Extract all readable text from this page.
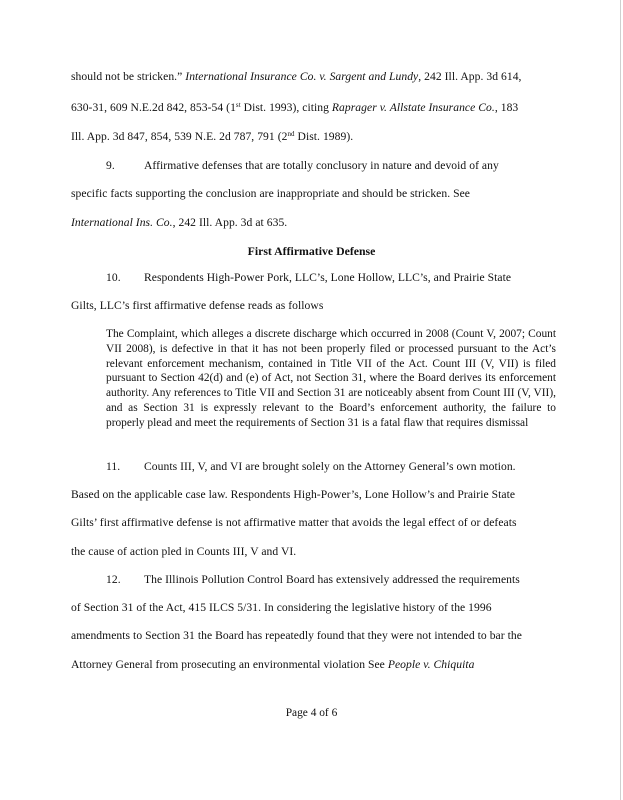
should not be stricken.” International Insurance Co. v. Sargent and Lundy, 242 Ill. App. 3d 614,
630-31, 609 N.E.2d 842, 853-54 (1st Dist. 1993), citing Raprager v. Allstate Insurance Co., 183
Ill. App. 3d 847, 854, 539 N.E. 2d 787, 791 (2nd Dist. 1989).
9.	Affirmative defenses that are totally conclusory in nature and devoid of any
specific facts supporting the conclusion are inappropriate and should be stricken. See
International Ins. Co., 242 Ill. App. 3d at 635.
First Affirmative Defense
10. Respondents High-Power Pork, LLC’s, Lone Hollow, LLC’s, and Prairie State
Gilts, LLC’s first affirmative defense reads as follows
The Complaint, which alleges a discrete discharge which occurred in 2008 (Count V, 2007; Count VII 2008), is defective in that it has not been properly filed or processed pursuant to the Act’s relevant enforcement mechanism, contained in Title VII of the Act. Count III (V, VII) is filed pursuant to Section 42(d) and (e) of Act, not Section 31, where the Board derives its enforcement authority. Any references to Title VII and Section 31 are noticeably absent from Count III (V, VII), and as Section 31 is expressly relevant to the Board’s enforcement authority, the failure to properly plead and meet the requirements of Section 31 is a fatal flaw that requires dismissal
11. Counts III, V, and VI are brought solely on the Attorney General’s own motion.
Based on the applicable case law. Respondents High-Power’s, Lone Hollow’s and Prairie State
Gilts’ first affirmative defense is not affirmative matter that avoids the legal effect of or defeats
the cause of action pled in Counts III, V and VI.
12. The Illinois Pollution Control Board has extensively addressed the requirements
of Section 31 of the Act, 415 ILCS 5/31. In considering the legislative history of the 1996
amendments to Section 31 the Board has repeatedly found that they were not intended to bar the
Attorney General from prosecuting an environmental violation See People v. Chiquita
Page 4 of 6
